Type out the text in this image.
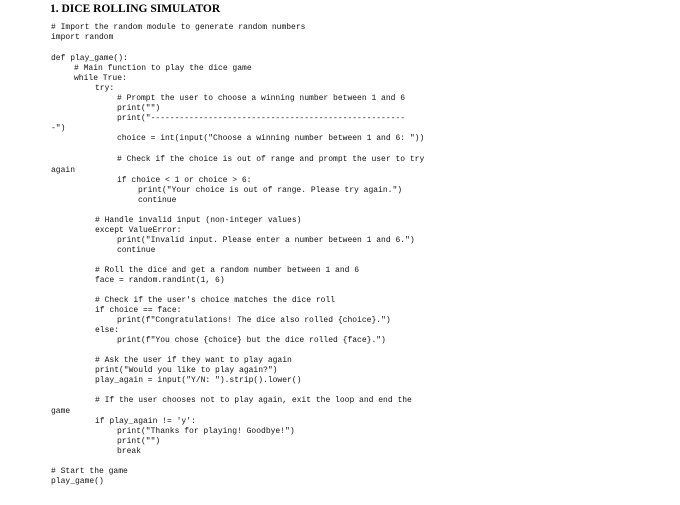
1. DICE ROLLING SIMULATOR

# Import the random module to generate random numbers

import random

def play_game():

# Main function to play the dice game

while True:

try:

# Prompt the user to choose a winning number between 1 and 6

print("")

print("-----------------------------------------------------

-")

choice = int(input("Choose a winning number between 1 and 6: "))

# Check if the choice is out of range and prompt the user to try

again

if choice < 1 or choice > 6:

print("Your choice is out of range. Please try again.")

continue

# Handle invalid input (non-integer values)

except ValueError:

print("Invalid input. Please enter a number between 1 and 6.")

continue

# Roll the dice and get a random number between 1 and 6

face = random.randint(1, 6)

# Check if the user's choice matches the dice roll

if choice == face:

print(f"Congratulations! The dice also rolled {choice}.")

else:

print(f"You chose {choice} but the dice rolled {face}.")

# Ask the user if they want to play again

print("Would you like to play again?")

play_again = input("Y/N: ").strip().lower()

# If the user chooses not to play again, exit the loop and end the

game

if play_again != 'y':

print("Thanks for playing! Goodbye!")

print("")

break

# Start the game

play_game()
